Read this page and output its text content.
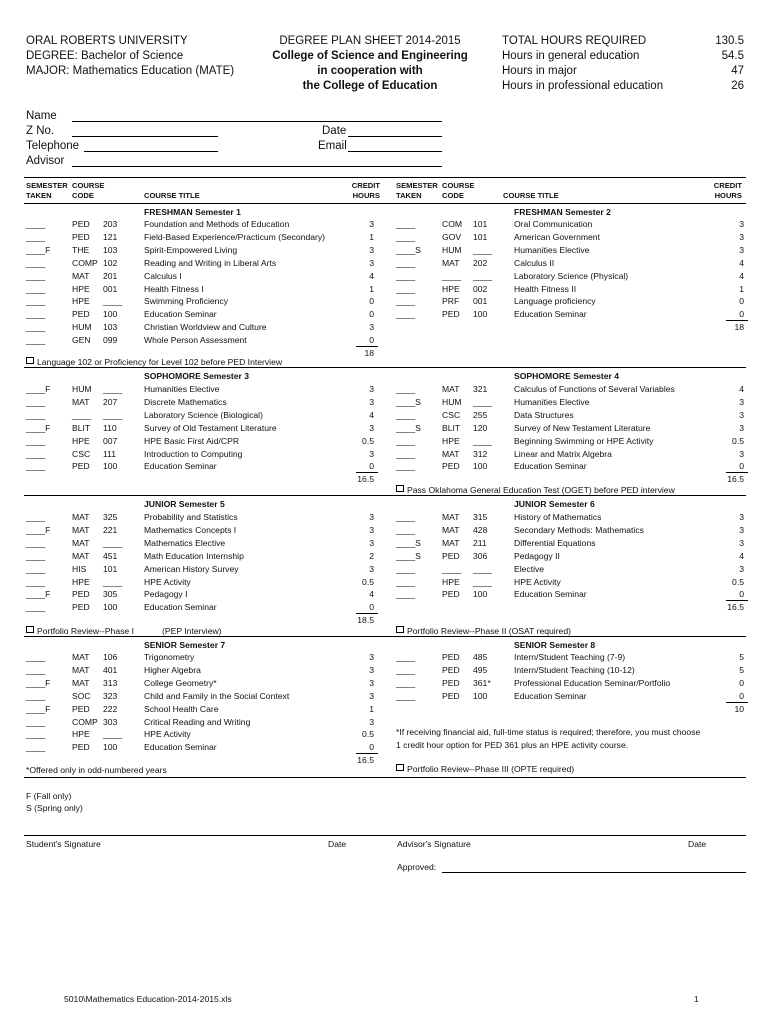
ORAL ROBERTS UNIVERSITY
DEGREE: Bachelor of Science
MAJOR: Mathematics Education (MATE)
DEGREE PLAN SHEET 2014-2015
College of Science and Engineering
in cooperation with
the College of Education
TOTAL HOURS REQUIRED	130.5
Hours in general education	54.5
Hours in major	47
Hours in professional education	26
Name
Z No.	Date
Telephone	Email
Advisor
SEMESTER
TAKEN
COURSE
CODE	COURSE TITLE
CREDIT
HOURS
SEMESTER
TAKEN
COURSE
CODE	COURSE TITLE
CREDIT
HOURS
FRESHMAN Semester 1
____	PED 203	Foundation and Methods of Education	3
____	PED 121	Field-Based Experience/Practicum (Secondary)	1
____F	THE 103	Spirit-Empowered Living	3
____	COMP 102	Reading and Writing in Liberal Arts	3
____	MAT 201	Calculus I	4
____	HPE 001	Health Fitness I	1
____	HPE ____	Swimming Proficiency	0
____	PED 100	Education Seminar	0
____	HUM 103	Christian Worldview and Culture	3
____	GEN 099	Whole Person Assessment	0
18
FRESHMAN Semester 2
____	COM 101	Oral Communication	3
____	GOV 101	American Government	3
____S HUM ____	Humanities Elective	3
____	MAT 202	Calculus II	4
____	____ ____	Laboratory Science (Physical)	4
____	HPE 002	Health Fitness II	1
____	PRF 001	Language proficiency	0
____	PED 100	Education Seminar	0
18
SOPHOMORE Semester 3
____F	HUM ____	Humanities Elective	3
____	MAT 207	Discrete Mathematics	3
____	____ ____	Laboratory Science (Biological)	4
____F	BLIT 110	Survey of Old Testament Literature	3
____	HPE 007	HPE Basic First Aid/CPR	0.5
____	CSC 111	Introduction to Computing	3
____	PED 100	Education Seminar	0
16.5
SOPHOMORE Semester 4
____	MAT 321	Calculus of Functions of Several Variables	4
____S HUM ____	Humanities Elective	3
____	CSC 255	Data Structures	3
____S BLIT 120	Survey of New Testament Literature	3
____	HPE ____	Beginning Swimming or HPE Activity	0.5
____	MAT 312	Linear and Matrix Algebra	3
____	PED 100	Education Seminar	0
16.5
JUNIOR Semester 5
____	MAT 325	Probability and Statistics	3
____F	MAT 221	Mathematics Concepts I	3
____	MAT ____	Mathematics Elective	3
____	MAT 451	Math Education Internship	2
____	HIS 101	American History Survey	3
____	HPE ____	HPE Activity	0.5
____F	PED 305	Pedagogy I	4
____	PED 100	Education Seminar	0
18.5
JUNIOR Semester 6
____	MAT 315	History of Mathematics	3
____	MAT 428	Secondary Methods: Mathematics	3
____S MAT 211	Differential Equations	3
____S PED 306	Pedagogy II	4
____	____ ____	Elective	3
____	HPE ____	HPE Activity	0.5
____	PED 100	Education Seminar	0
16.5
SENIOR Semester 7
____	MAT 106	Trigonometry	3
____	MAT 401	Higher Algebra	3
____F	MAT 313	College Geometry*	3
____	SOC 323	Child and Family in the Social Context	3
____F	PED 222	School Health Care	1
____	COMP 303	Critical Reading and Writing	3
____	HPE ____	HPE Activity	0.5
____	PED 100	Education Seminar	0
16.5
SENIOR Semester 8
____	PED 485	Intern/Student Teaching (7-9)	5
____	PED 495	Intern/Student Teaching (10-12)	5
____	PED 361*	Professional Education Seminar/Portfolio	0
____	PED 100	Education Seminar	0
10
Language 102 or Proficiency for Level 102 before PED Interview
Pass Oklahoma General Education Test (OGET) before PED interview
Portfolio Review--Phase I	(PEP Interview)	Portfolio Review--Phase II (OSAT required)
*If receiving financial aid, full-time status is required; therefore, you must choose
1 credit hour option for PED 361 plus an HPE activity course.
*Offered only in odd-numbered years	Portfolio Review--Phase III (OPTE required)
F (Fall only)
S (Spring only)
Student's Signature	Date	Advisor's Signature	Date
Approved:
5010\Mathematics Education-2014-2015.xls	1
